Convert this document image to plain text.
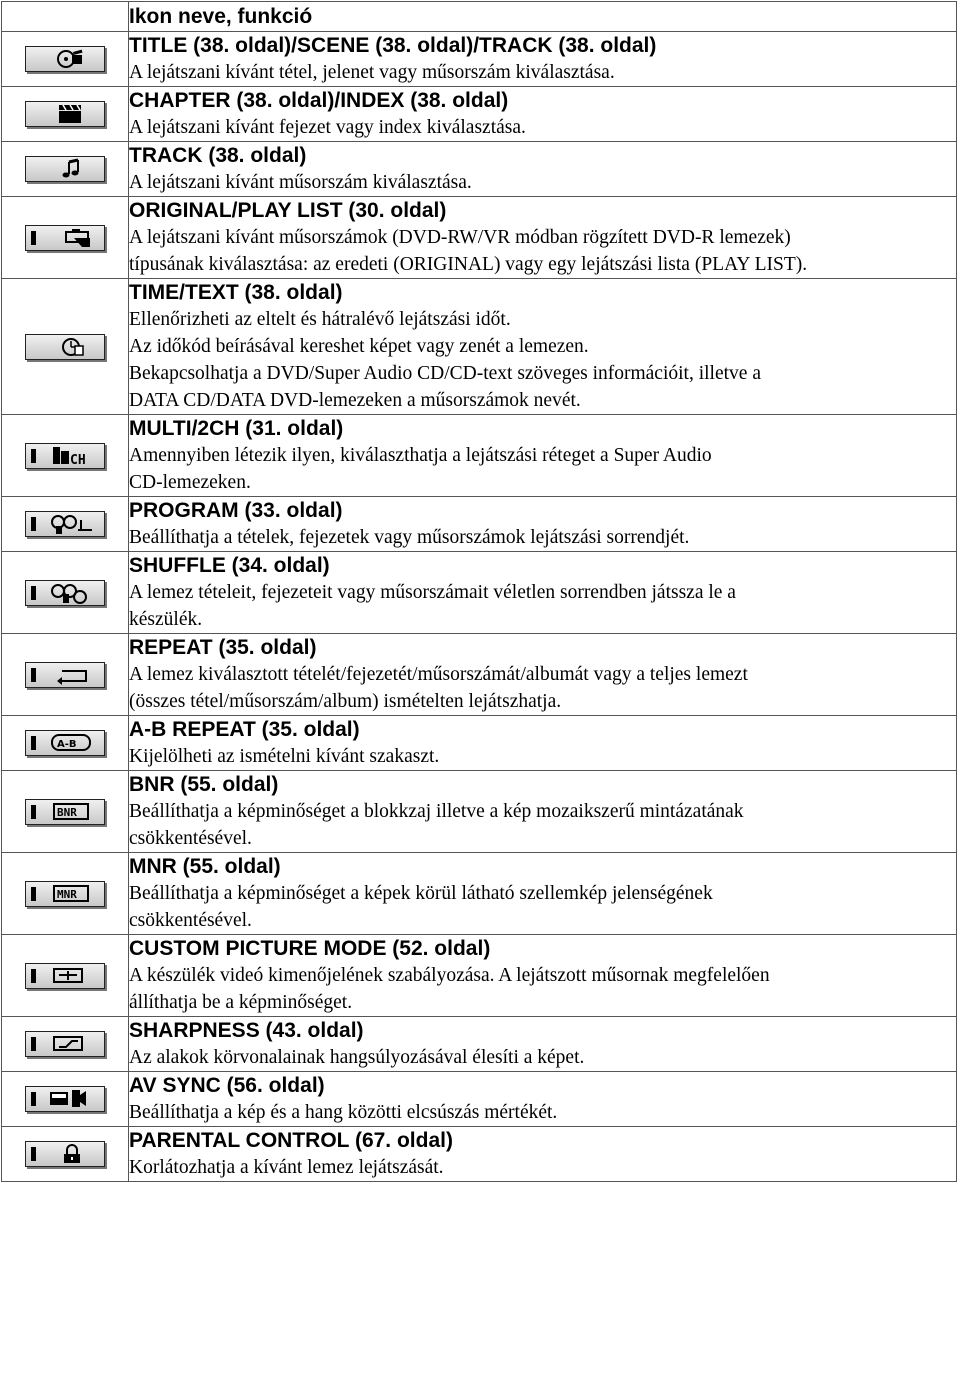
	Ikon neve, funkció

TITLE (38. oldal)/SCENE (38. oldal)/TRACK (38. oldal)
A lejátszani kívánt tétel, jelenet vagy műsorszám kiválasztása.

CHAPTER (38. oldal)/INDEX (38. oldal)
A lejátszani kívánt fejezet vagy index kiválasztása.

TRACK (38. oldal)
A lejátszani kívánt műsorszám kiválasztása.

ORIGINAL/PLAY LIST (30. oldal)
A lejátszani kívánt műsorszámok (DVD-RW/VR módban rögzített DVD-R lemezek)
típusának kiválasztása: az eredeti (ORIGINAL) vagy egy lejátszási lista (PLAY LIST).

TIME/TEXT (38. oldal)
Ellenőrizheti az eltelt és hátralévő lejátszási időt.
Az időkód beírásával kereshet képet vagy zenét a lemezen.
Bekapcsolhatja a DVD/Super Audio CD/CD-text szöveges információit, illetve a
DATA CD/DATA DVD-lemezeken a műsorszámok nevét.

CH	MULTI/2CH (31. oldal)
Amennyiben létezik ilyen, kiválaszthatja a lejátszási réteget a Super Audio
CD-lemezeken.

PROGRAM (33. oldal)
Beállíthatja a tételek, fejezetek vagy műsorszámok lejátszási sorrendjét.

SHUFFLE (34. oldal)
A lemez tételeit, fejezeteit vagy műsorszámait véletlen sorrendben játssza le a
készülék.

REPEAT (35. oldal)
A lemez kiválasztott tételét/fejezetét/műsorszámát/albumát vagy a teljes lemezt
(összes tétel/műsorszám/album) ismételten lejátszhatja.

A-B	A-B REPEAT (35. oldal)
Kijelölheti az ismételni kívánt szakaszt.

BNR	BNR (55. oldal)
Beállíthatja a képminőséget a blokkzaj illetve a kép mozaikszerű mintázatának
csökkentésével.

MNR	MNR (55. oldal)
Beállíthatja a képminőséget a képek körül látható szellemkép jelenségének
csökkentésével.

CUSTOM PICTURE MODE (52. oldal)
A készülék videó kimenőjelének szabályozása. A lejátszott műsornak megfelelően
állíthatja be a képminőséget.

SHARPNESS (43. oldal)
Az alakok körvonalainak hangsúlyozásával élesíti a képet.

AV SYNC (56. oldal)
Beállíthatja a kép és a hang közötti elcsúszás mértékét.

PARENTAL CONTROL (67. oldal)
Korlátozhatja a kívánt lemez lejátszását.
